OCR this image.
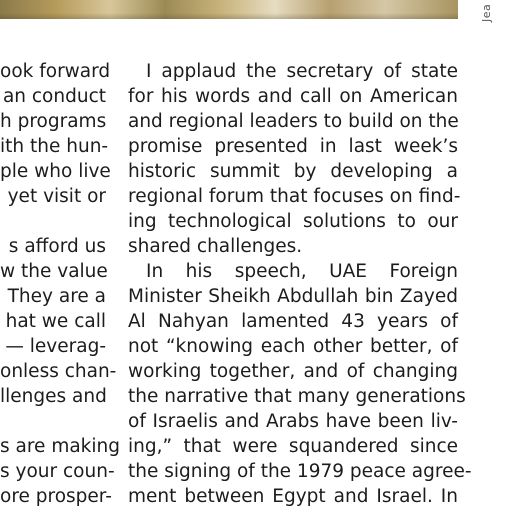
Jea
ook forward
an conduct
h programs
ith the hun-
ple who live
yet visit or
s afford us
w the value
They are a
hat we call
— leverag-
onless chan-
llenges and
s are making
s your coun-
ore prosper-
I applaud the secretary of state
for his words and call on American
and regional leaders to build on the
promise presented in last week’s
historic summit by developing a
regional forum that focuses on find-
ing technological solutions to our
shared challenges.
In his speech, UAE Foreign
Minister Sheikh Abdullah bin Zayed
Al Nahyan lamented 43 years of
not “knowing each other better, of
working together, and of changing
the narrative that many generations
of Israelis and Arabs have been liv-
ing,” that were squandered since
the signing of the 1979 peace agree-
ment between Egypt and Israel. In
